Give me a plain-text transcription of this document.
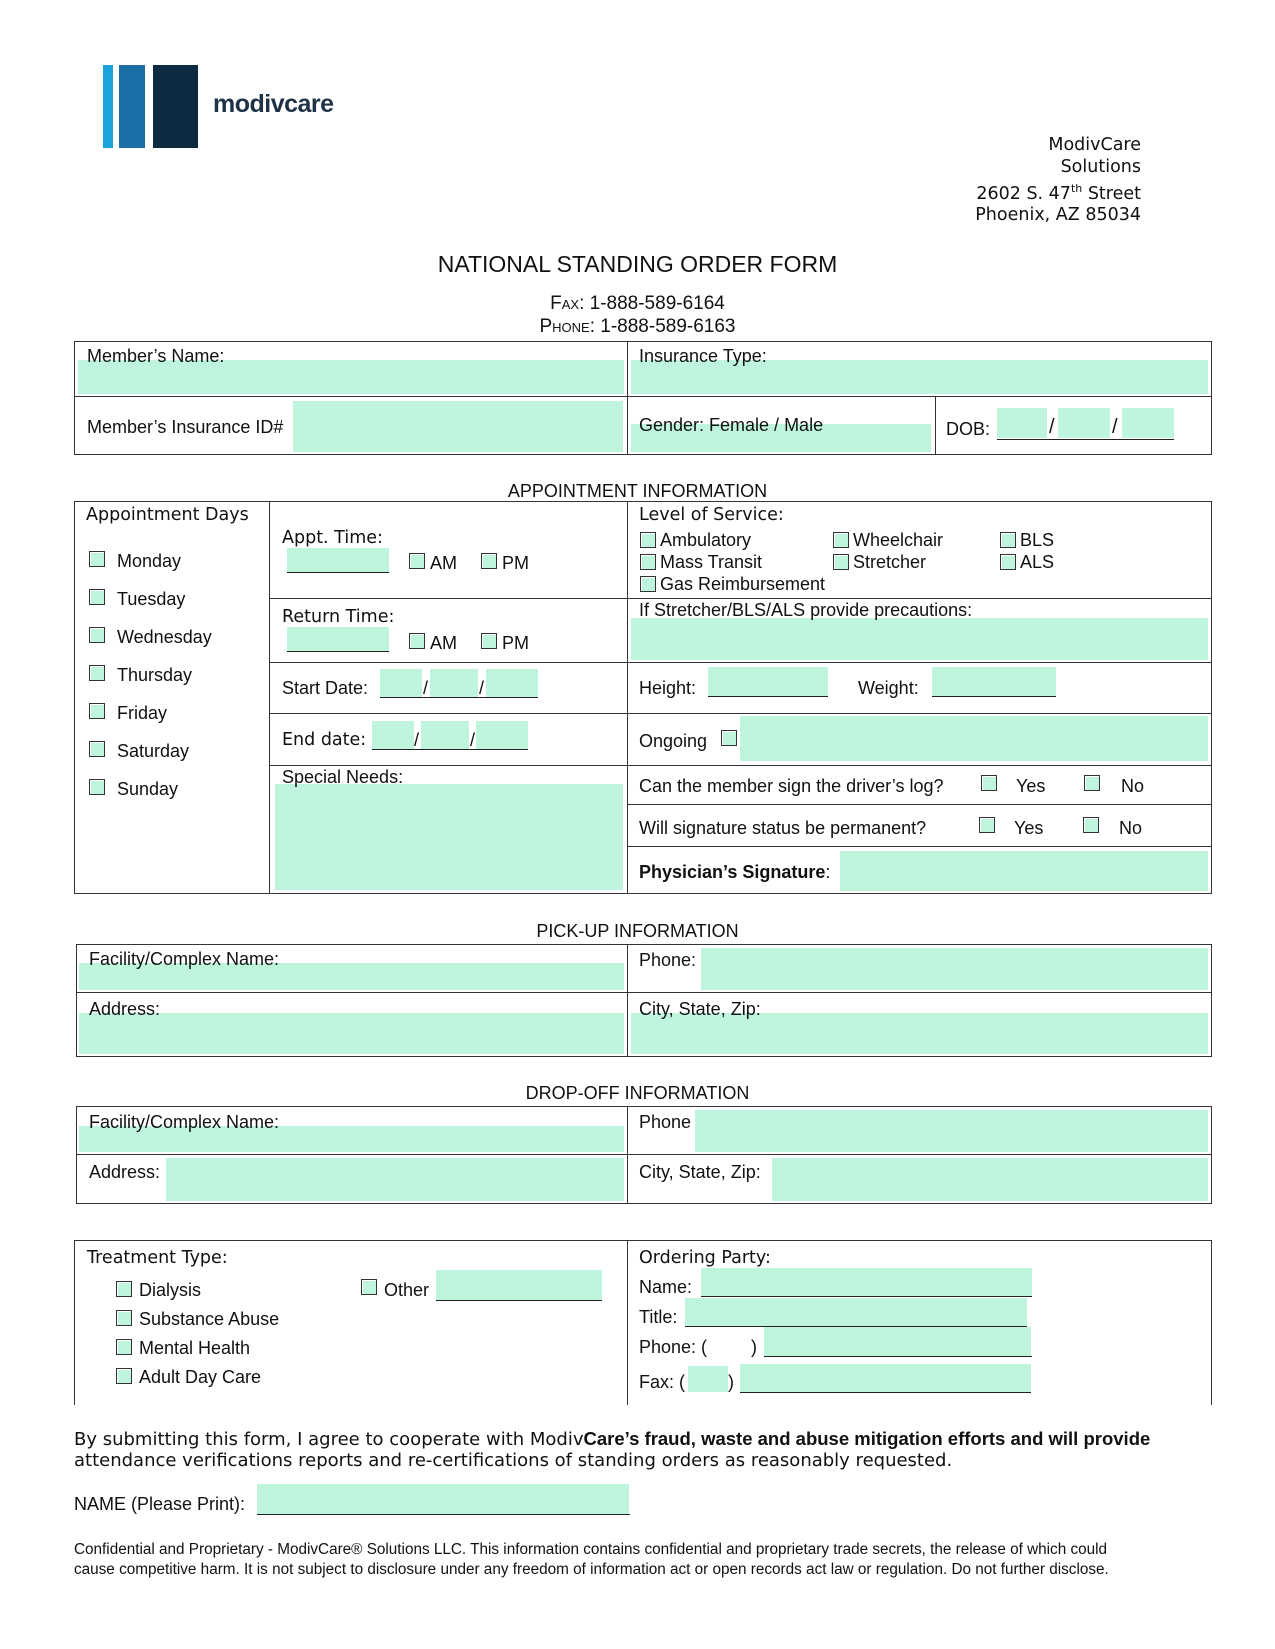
modivcare
ModivCare
Solutions
2602 S. 47th Street
Phoenix, AZ 85034
NATIONAL STANDING ORDER FORM
Fax: 1-888-589-6164
Phone: 1-888-589-6163
Member’s Name:	Insurance Type:
Member’s Insurance ID#	Gender: Female / Male	DOB:	/	/
APPOINTMENT INFORMATION
Appointment Days
Monday
Tuesday
Wednesday
Thursday
Friday
Saturday
Sunday
Appt. Time:
AM	PM
Return Time:
AM	PM
Start Date:	/	/
End date:	/	/
Special Needs:
Level of Service:
Ambulatory	Wheelchair	BLS
Mass Transit	Stretcher	ALS
Gas Reimbursement
If Stretcher/BLS/ALS provide precautions:
Height:	Weight:
Ongoing
Can the member sign the driver’s log?	Yes	No
Will signature status be permanent?	Yes	No
Physician’s Signature:
PICK-UP INFORMATION
Facility/Complex Name:	Phone:
Address:	City, State, Zip:
DROP-OFF INFORMATION
Facility/Complex Name:	Phone
Address:	City, State, Zip:
Treatment Type:
Dialysis
Substance Abuse
Mental Health
Adult Day Care
Other
Ordering Party:
Name:
Title:
Phone: ( )
Fax: ( )
By submitting this form, I agree to cooperate with ModivCare’s fraud, waste and abuse mitigation efforts and will provide
attendance verifications reports and re-certifications of standing orders as reasonably requested.
NAME (Please Print):
Confidential and Proprietary - ModivCare® Solutions LLC. This information contains confidential and proprietary trade secrets, the release of which could
cause competitive harm. It is not subject to disclosure under any freedom of information act or open records act law or regulation. Do not further disclose.
